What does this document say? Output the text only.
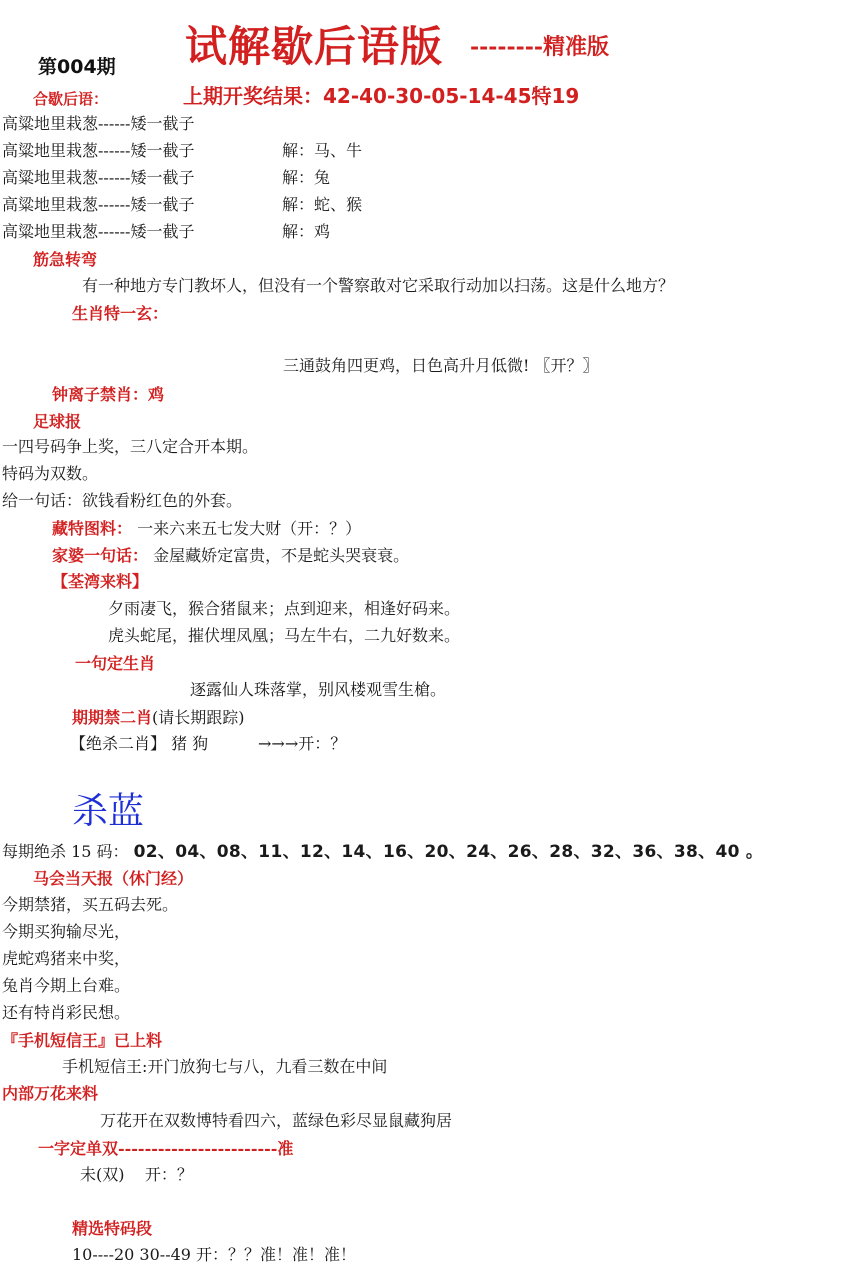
试解歇后语版 --------精准版
第004期
上期开奖结果：42-40-30-05-14-45特19
合歇后语：
高粱地里栽葱------矮一截子
高粱地里栽葱------矮一截子	解：马、牛
高粱地里栽葱------矮一截子	解：兔
高粱地里栽葱------矮一截子	解：蛇、猴
高粱地里栽葱------矮一截子	解：鸡
筋急转弯
有一种地方专门教坏人，但没有一个警察敢对它采取行动加以扫荡。这是什么地方？
生肖特一玄：
三通鼓角四更鸡，日色高升月低微! 〖开？〗
钟离子禁肖：鸡
足球报
一四号码争上奖，三八定合开本期。
特码为双数。
给一句话：欲钱看粉红色的外套。
藏特图料： 一来六来五七发大财（开：？）
家婆一句话： 金屋藏娇定富贵，不是蛇头哭衰衰。
【荃湾来料】
夕雨凄飞，猴合猪鼠来；点到迎来，相逢好码来。
虎头蛇尾，摧伏埋凤凰；马左牛右，二九好数来。
一句定生肖
逐露仙人珠落掌，别风楼观雪生槍。
期期禁二肖(请长期跟踪)
【绝杀二肖】 猪 狗	→→→开：？
杀蓝
每期绝杀 15 码： 02、04、08、11、12、14、16、20、24、26、28、32、36、38、40 。
马会当天报（休门经）
今期禁猪，买五码去死。
今期买狗输尽光，
虎蛇鸡猪来中奖，
兔肖今期上台难。
还有特肖彩民想。
『手机短信王』已上料
手机短信王:开门放狗七与八，九看三数在中间
内部万花来料
万花开在双数博特看四六，蓝绿色彩尽显鼠藏狗居
一字定单双------------------------准
未(双)    开：？
精选特码段
10----20 30--49 开：？？准！准！准！
